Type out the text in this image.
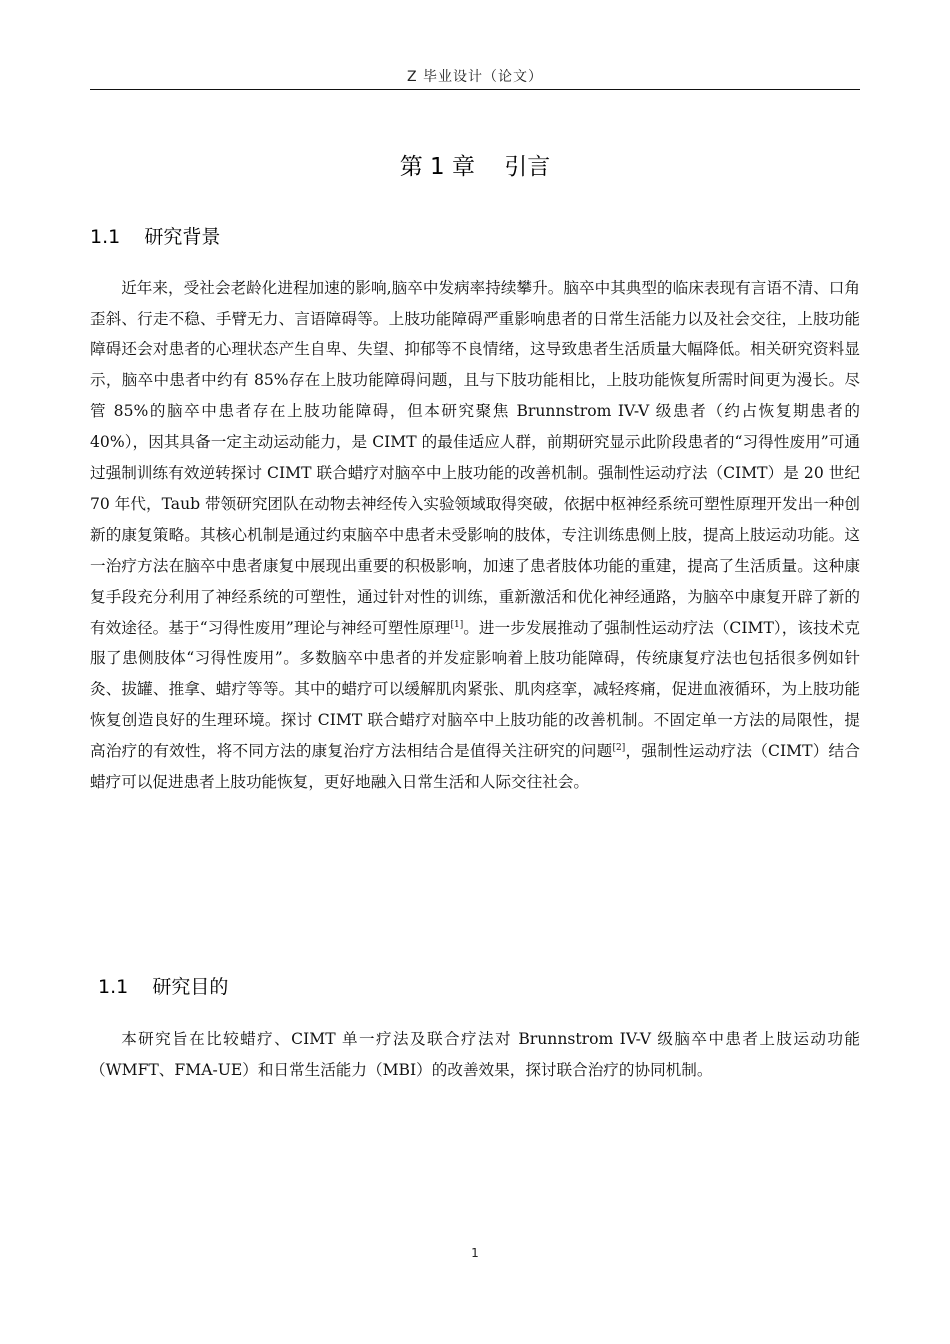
Z 毕业设计（论文）
第 1 章    引言
1.1    研究背景

近年来，受社会老龄化进程加速的影响,脑卒中发病率持续攀升。脑卒中其典型的临床表现有言语不清、口角歪斜、行走不稳、手臂无力、言语障碍等。上肢功能障碍严重影响患者的日常生活能力以及社会交往，上肢功能障碍还会对患者的心理状态产生自卑、失望、抑郁等不良情绪，这导致患者生活质量大幅降低。相关研究资料显示，脑卒中患者中约有 85%存在上肢功能障碍问题，且与下肢功能相比，上肢功能恢复所需时间更为漫长。尽管 85%的脑卒中患者存在上肢功能障碍，但本研究聚焦 Brunnstrom IV-V 级患者（约占恢复期患者的 40%），因其具备一定主动运动能力，是 CIMT 的最佳适应人群，前期研究显示此阶段患者的“习得性废用”可通过强制训练有效逆转探讨 CIMT 联合蜡疗对脑卒中上肢功能的改善机制。强制性运动疗法（CIMT）是 20 世纪 70 年代，Taub 带领研究团队在动物去神经传入实验领域取得突破，依据中枢神经系统可塑性原理开发出一种创新的康复策略。其核心机制是通过约束脑卒中患者未受影响的肢体，专注训练患侧上肢，提高上肢运动功能。这一治疗方法在脑卒中患者康复中展现出重要的积极影响，加速了患者肢体功能的重建，提高了生活质量。这种康复手段充分利用了神经系统的可塑性，通过针对性的训练，重新激活和优化神经通路，为脑卒中康复开辟了新的有效途径。基于“习得性废用”理论与神经可塑性原理[1]。进一步发展推动了强制性运动疗法（CIMT），该技术克服了患侧肢体“习得性废用”。多数脑卒中患者的并发症影响着上肢功能障碍，传统康复疗法也包括很多例如针灸、拔罐、推拿、蜡疗等等。其中的蜡疗可以缓解肌肉紧张、肌肉痉挛，减轻疼痛，促进血液循环，为上肢功能恢复创造良好的生理环境。探讨 CIMT 联合蜡疗对脑卒中上肢功能的改善机制。不固定单一方法的局限性，提高治疗的有效性，将不同方法的康复治疗方法相结合是值得关注研究的问题[2]，强制性运动疗法（CIMT）结合蜡疗可以促进患者上肢功能恢复，更好地融入日常生活和人际交往社会。

1.1    研究目的

本研究旨在比较蜡疗、CIMT 单一疗法及联合疗法对 Brunnstrom IV-V 级脑卒中患者上肢运动功能（WMFT、FMA-UE）和日常生活能力（MBI）的改善效果，探讨联合治疗的协同机制。

1
